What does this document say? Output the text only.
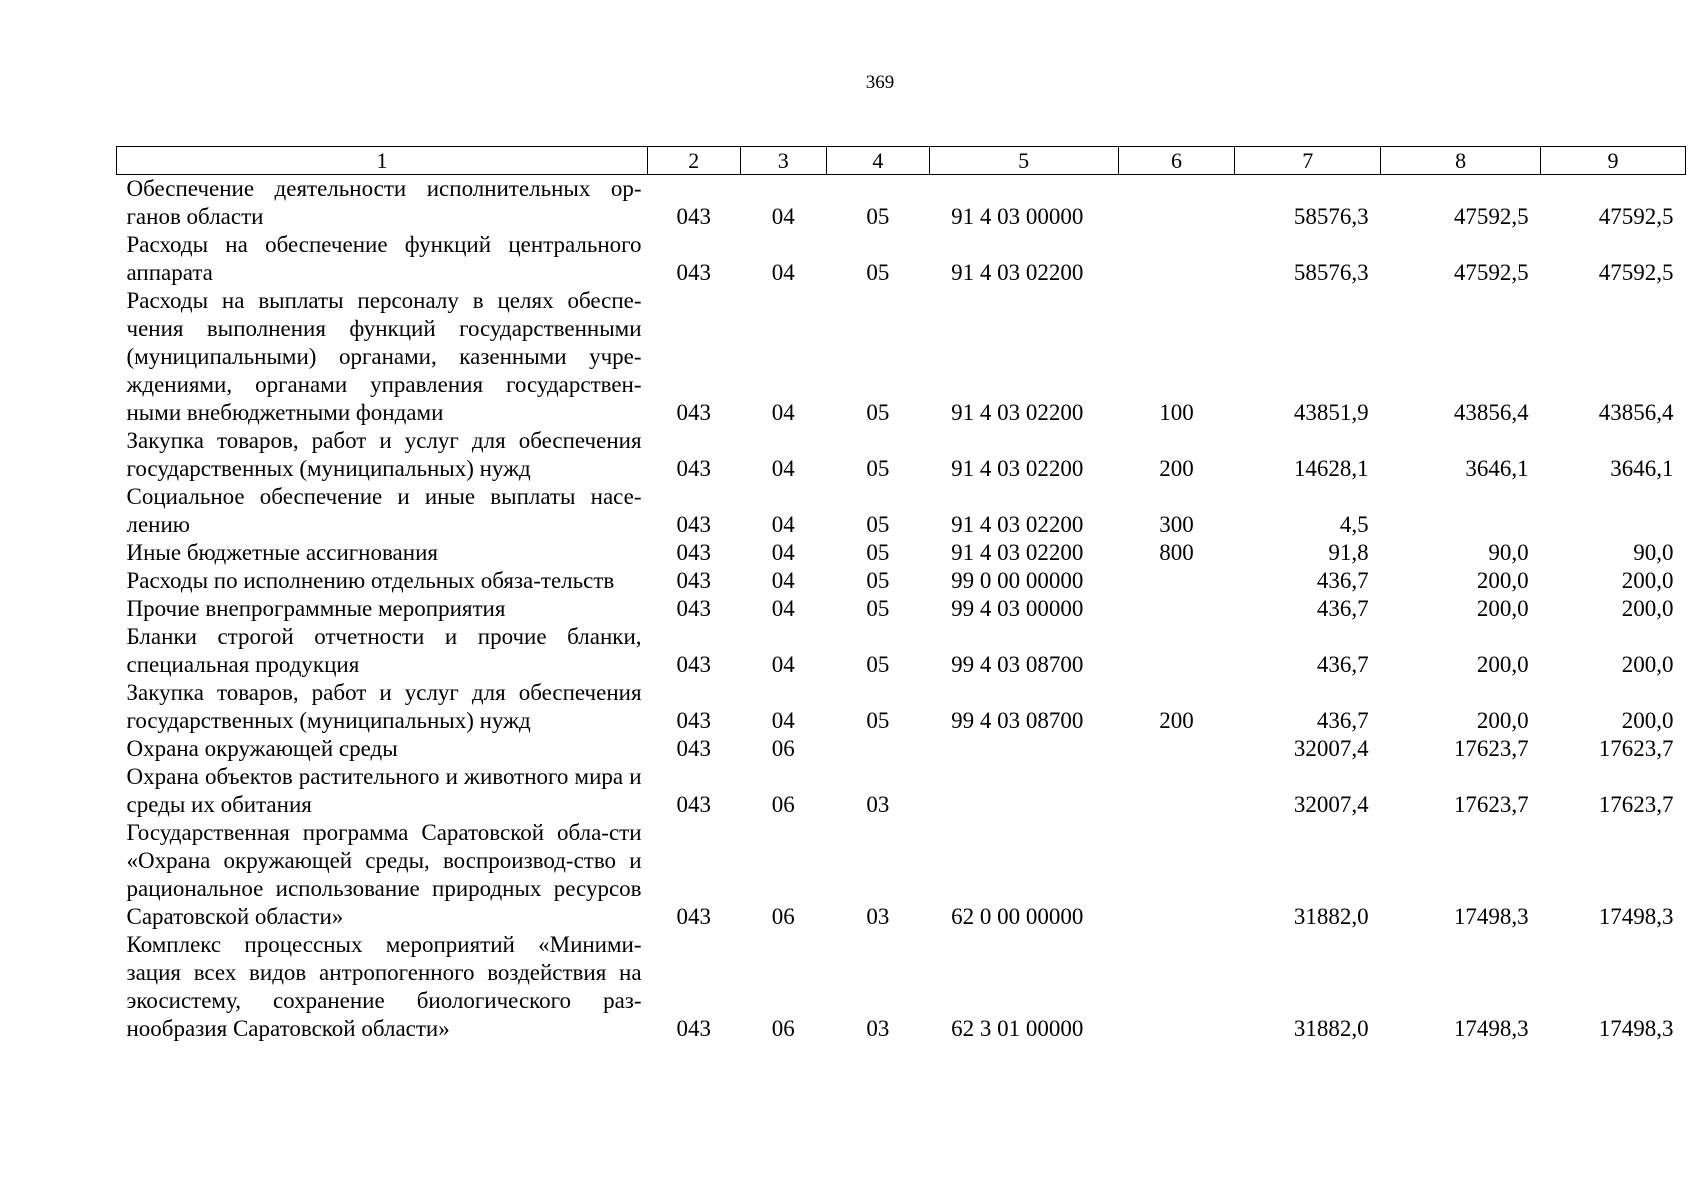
369
1	2	3	4	5	6	7	8	9
Обеспечение деятельности исполнительных ор-ганов области	043	04	05	91 4 03 00000		58576,3	47592,5	47592,5
Расходы на обеспечение функций центрального аппарата	043	04	05	91 4 03 02200		58576,3	47592,5	47592,5
Расходы на выплаты персоналу в целях обеспе-чения выполнения функций государственными (муниципальными) органами, казенными учре-ждениями, органами управления государствен-ными внебюджетными фондами	043	04	05	91 4 03 02200	100	43851,9	43856,4	43856,4
Закупка товаров, работ и услуг для обеспечения государственных (муниципальных) нужд	043	04	05	91 4 03 02200	200	14628,1	3646,1	3646,1
Социальное обеспечение и иные выплаты насе-лению	043	04	05	91 4 03 02200	300	4,5		
Иные бюджетные ассигнования	043	04	05	91 4 03 02200	800	91,8	90,0	90,0
Расходы по исполнению отдельных обяза-тельств	043	04	05	99 0 00 00000		436,7	200,0	200,0
Прочие внепрограммные мероприятия	043	04	05	99 4 03 00000		436,7	200,0	200,0
Бланки строгой отчетности и прочие бланки, специальная продукция	043	04	05	99 4 03 08700		436,7	200,0	200,0
Закупка товаров, работ и услуг для обеспечения государственных (муниципальных) нужд	043	04	05	99 4 03 08700	200	436,7	200,0	200,0
Охрана окружающей среды	043	06				32007,4	17623,7	17623,7
Охрана объектов растительного и животного мира и среды их обитания	043	06	03			32007,4	17623,7	17623,7
Государственная программа Саратовской обла-сти «Охрана окружающей среды, воспроизвод-ство и рациональное использование природных ресурсов Саратовской области»	043	06	03	62 0 00 00000		31882,0	17498,3	17498,3
Комплекс процессных мероприятий «Миними-зация всех видов антропогенного воздействия на экосистему, сохранение биологического раз-нообразия Саратовской области»	043	06	03	62 3 01 00000		31882,0	17498,3	17498,3
